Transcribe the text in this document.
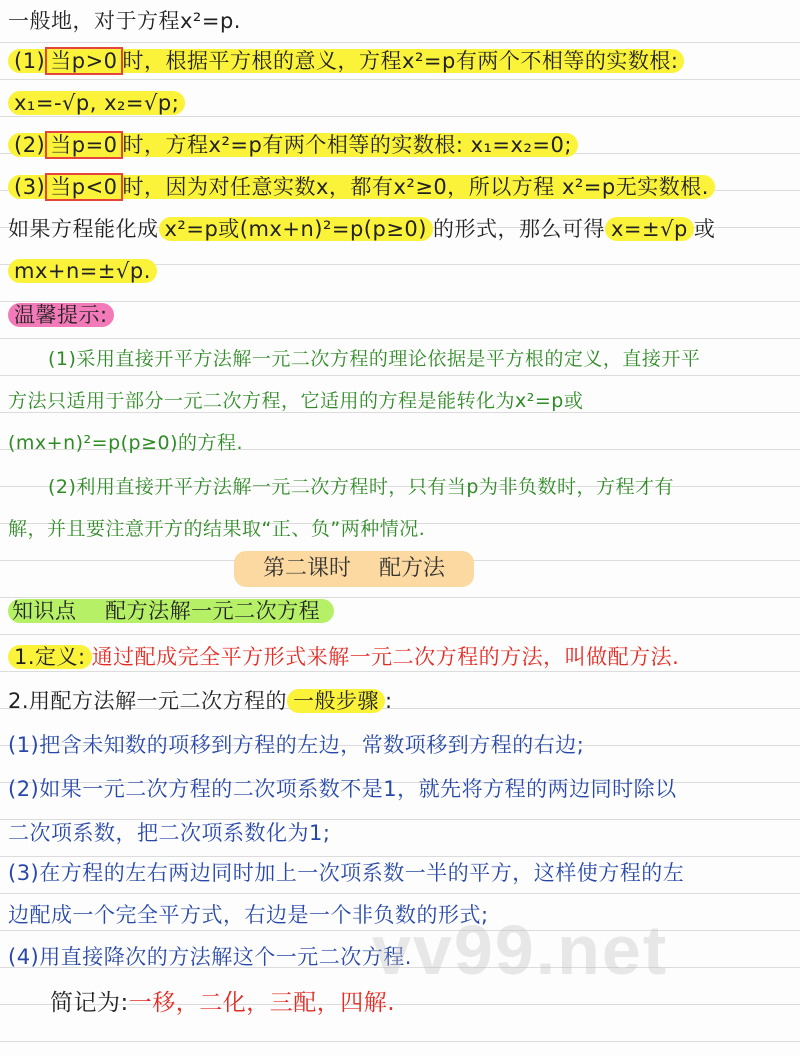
一般地，对于方程x²=p.
(1) 当p>0 时，根据平方根的意义，方程x²=p有两个不相等的实数根:
x₁=-√p, x₂=√p;
(2) 当p=0 时，方程x²=p有两个相等的实数根: x₁=x₂=0;
(3) 当p<0 时，因为对任意实数x，都有x²≥0，所以方程 x²=p无实数根.
如果方程能化成 x²=p或(mx+n)²=p(p≥0) 的形式，那么可得 x=±√p 或
mx+n=±√p.
温馨提示:
(1)采用直接开平方法解一元二次方程的理论依据是平方根的定义，直接开平
方法只适用于部分一元二次方程，它适用的方程是能转化为x²=p或
(mx+n)²=p(p≥0)的方程.
(2)利用直接开平方法解一元二次方程时，只有当p为非负数时，方程才有
解，并且要注意开方的结果取“正、负”两种情况.
第二课时 配方法
知识点　 配方法解一元二次方程
1.定义: 通过配成完全平方形式来解一元二次方程的方法，叫做配方法.
2.用配方法解一元二次方程的 一般步骤 :
(1)把含未知数的项移到方程的左边，常数项移到方程的右边;
(2)如果一元二次方程的二次项系数不是1，就先将方程的两边同时除以
二次项系数，把二次项系数化为1;
(3)在方程的左右两边同时加上一次项系数一半的平方，这样使方程的左
边配成一个完全平方式，右边是一个非负数的形式;
(4)用直接降次的方法解这个一元二次方程.
简记为:一移，二化，三配，四解.
vv99.net
